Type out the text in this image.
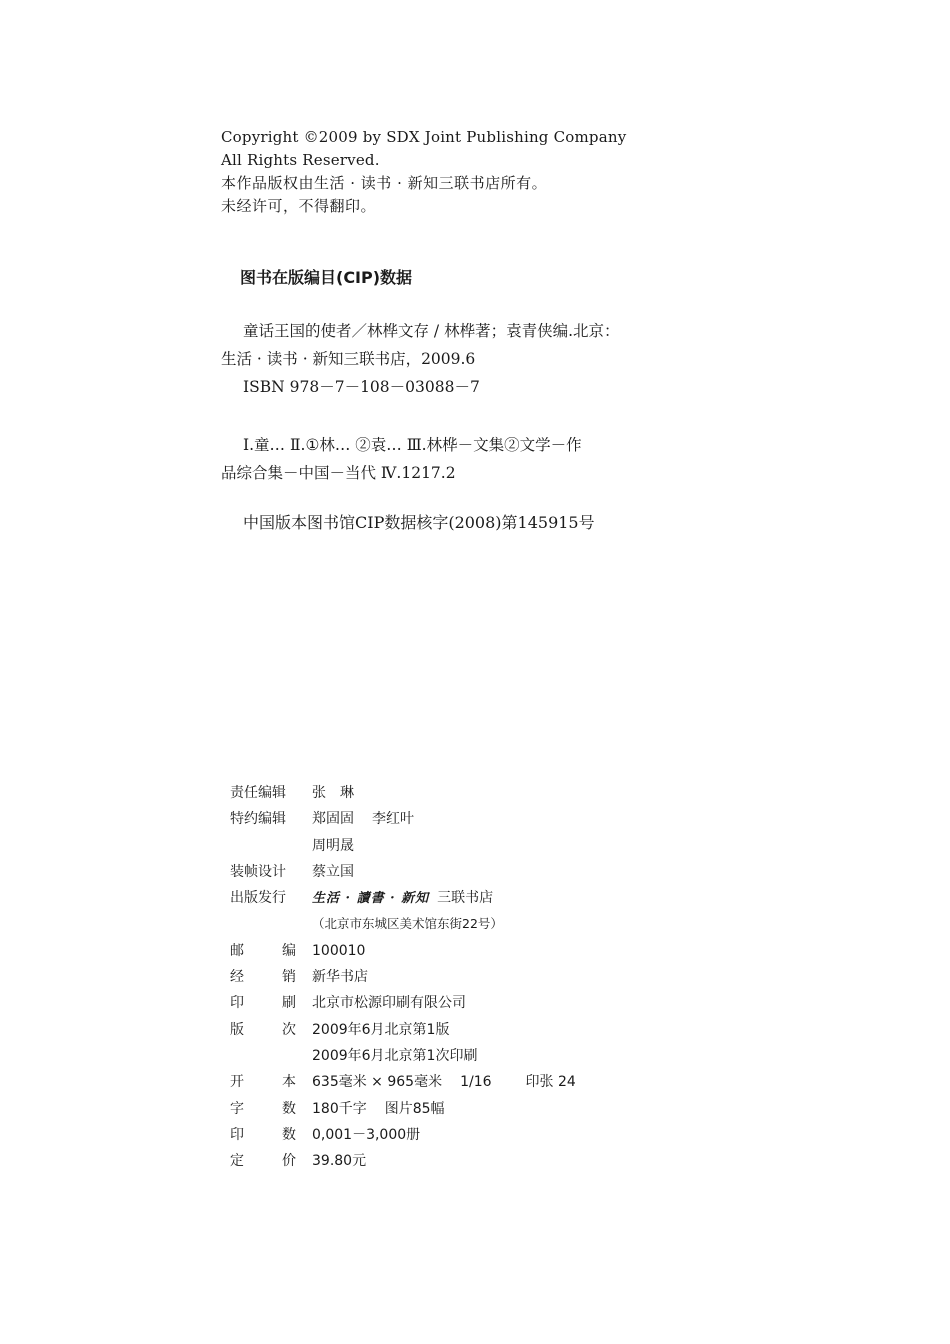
Copyright ©2009 by SDX Joint Publishing Company
All Rights Reserved.
本作品版权由生活 · 读书 · 新知三联书店所有。
未经许可，不得翻印。
图书在版编目(CIP)数据
童话王国的使者／林桦文存 / 林桦著；袁青侠编.北京：
生活 · 读书 · 新知三联书店，2009.6
ISBN 978－7－108－03088－7
Ⅰ.童… Ⅱ.①林… ②袁… Ⅲ.林桦－文集②文学－作
品综合集－中国－当代 Ⅳ.1217.2
中国版本图书馆CIP数据核字(2008)第145915号
责任编辑	张　琳
特约编辑	郑固固 李红叶
周明晟
装帧设计	蔡立国
出版发行	生活 · 讀書 · 新知 三联书店
（北京市东城区美术馆东街22号）
邮	编 100010
经	销 新华书店
印	刷 北京市松源印刷有限公司
版	次 2009年6月北京第1版
2009年6月北京第1次印刷
开	本 635毫米 × 965毫米 1/16 印张 24
字	数 180千字 图片85幅
印	数 0,001－3,000册
定	价 39.80元
